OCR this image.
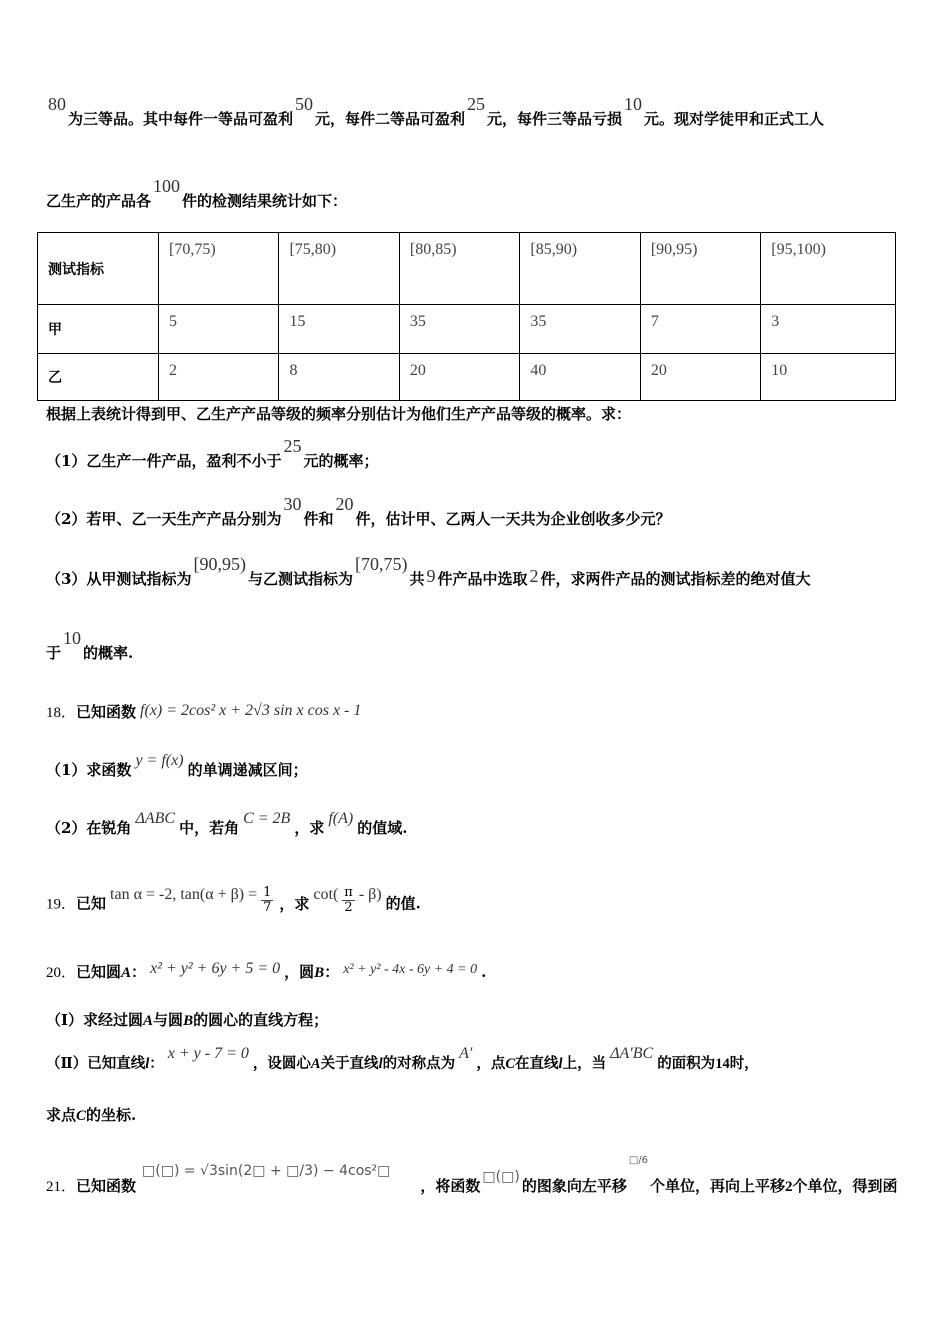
80为三等品。其中每件一等品可盈利50元，每件二等品可盈利25元，每件三等品亏损10元。现对学徒甲和正式工人
乙生产的产品各100件的检测结果统计如下：
测试指标	[70,75)	[75,80)	[80,85)	[85,90)	[90,95)	[95,100)
甲	5	15	35	35	7	3
乙	2	8	20	40	20	10
根据上表统计得到甲、乙生产产品等级的频率分别估计为他们生产产品等级的概率。求：
（1）乙生产一件产品，盈利不小于25元的概率；
（2）若甲、乙一天生产产品分别为30件和20件，估计甲、乙两人一天共为企业创收多少元？
（3）从甲测试指标为[90,95)与乙测试指标为[70,75)共 9 件产品中选取 2 件，求两件产品的测试指标差的绝对值大
于10的概率.
18．已知函数 f(x) = 2cos² x + 2√3 sin x cos x - 1
（1）求函数y = f(x)的单调递减区间；
（2）在锐角ΔABC中，若角C = 2B，求f(A)的值域.
19．已知tan α = -2, $\tan(\alpha + \beta) = \frac{1}{7}$ ，求$\cot( \frac{\pi}{2} - \beta)$的值.
20．已知圆A： x² + y² + 6y + 5 = 0 ，圆B： x² + y² - 4x - 6y + 4 = 0 .
（Ⅰ）求经过圆A与圆B的圆心的直线方程；
（Ⅱ）已知直线l：x + y - 7 = 0，设圆心A关于直线l的对称点为A′，点C在直线l上，当ΔA′BC的面积为14时，
求点C的坐标.
21．已知函数□(□) = √3sin(2□ + □/3) − 4cos²□，将函数 □(□) 的图象向左平移$^{□/6}$个单位，再向上平移2个单位，得到函
